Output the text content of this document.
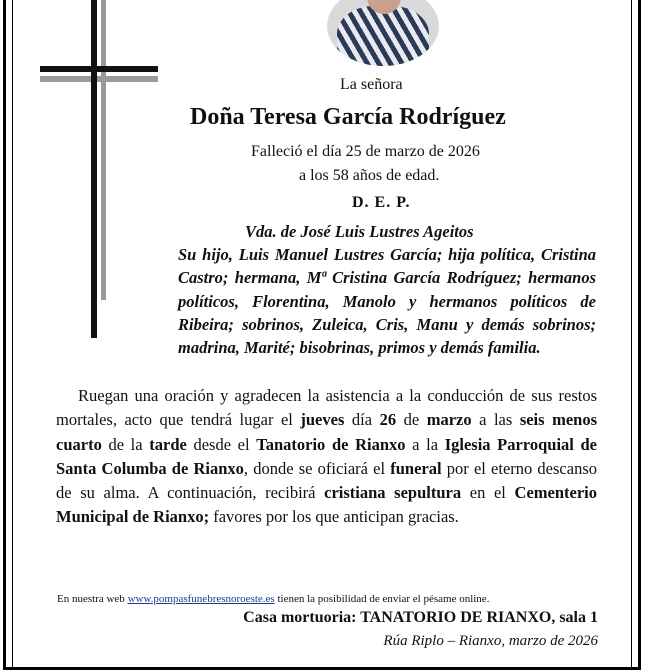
La señora
Doña Teresa García Rodríguez
Falleció el día 25 de marzo de 2026
a los 58 años de edad.
D. E. P.
Vda. de José Luis Lustres Ageitos
Su hijo, Luis Manuel Lustres García; hija política, Cristina Castro; hermana, Mª Cristina García Rodríguez; hermanos políticos, Florentina, Manolo y hermanos políticos de Ribeira; sobrinos, Zuleica, Cris, Manu y demás sobrinos; madrina, Marité; bisobrinas, primos y demás familia.
Ruegan una oración y agradecen la asistencia a la conducción de sus restos mortales, acto que tendrá lugar el jueves día 26 de marzo a las seis menos cuarto de la tarde desde el Tanatorio de Rianxo a la Iglesia Parroquial de Santa Columba de Rianxo, donde se oficiará el funeral por el eterno descanso de su alma. A continuación, recibirá cristiana sepultura en el Cementerio Municipal de Rianxo; favores por los que anticipan gracias.
En nuestra web www.pompasfunebresnoroeste.es tienen la posibilidad de enviar el pésame online.
Casa mortuoria: TANATORIO DE RIANXO, sala 1
Rúa Riplo – Rianxo, marzo de 2026
